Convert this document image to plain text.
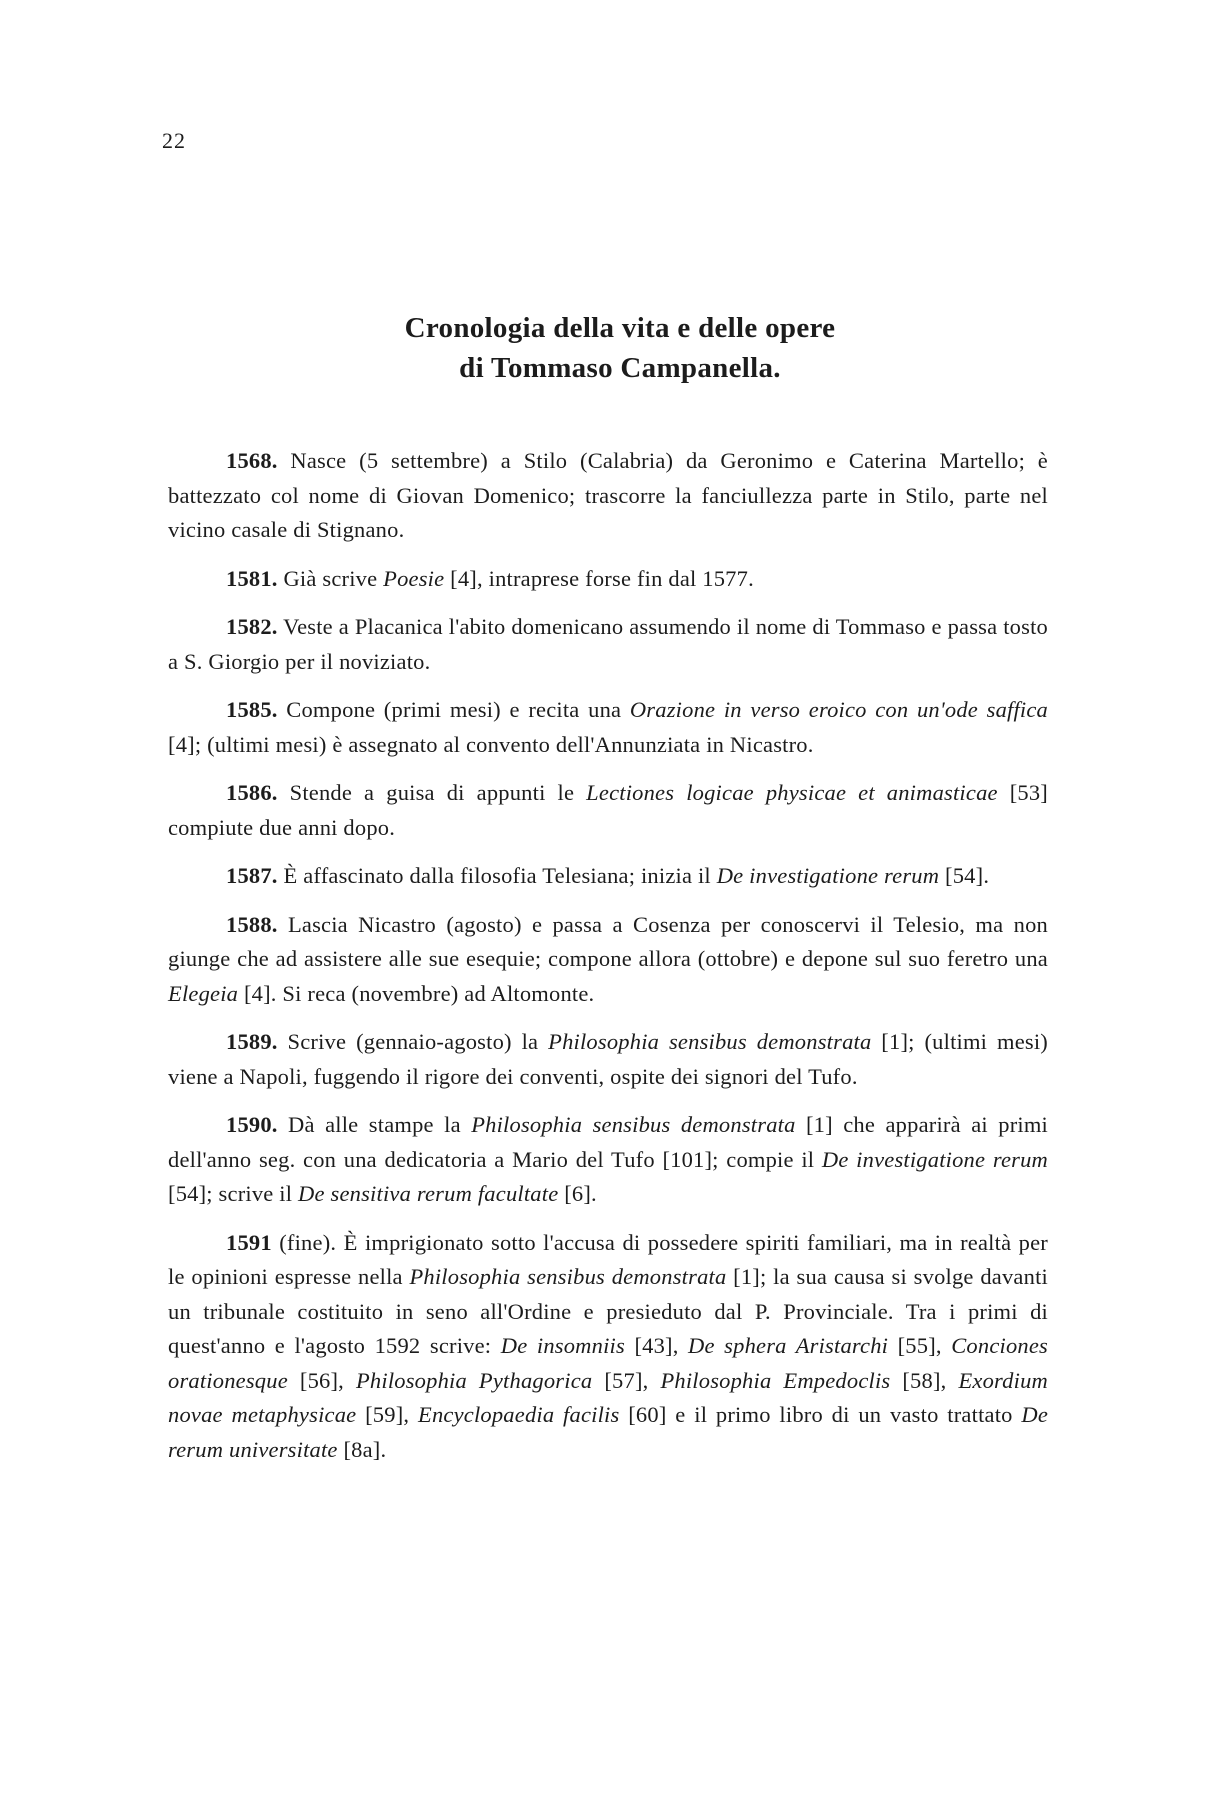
22
Cronologia della vita e delle opere
di Tommaso Campanella.

1568. Nasce (5 settembre) a Stilo (Calabria) da Geronimo e Caterina Martello; è battezzato col nome di Giovan Domenico; trascorre la fanciullezza parte in Stilo, parte nel vicino casale di Stignano.

1581. Già scrive Poesie [4], intraprese forse fin dal 1577.

1582. Veste a Placanica l'abito domenicano assumendo il nome di Tommaso e passa tosto a S. Giorgio per il noviziato.

1585. Compone (primi mesi) e recita una Orazione in verso eroico con un'ode saffica [4]; (ultimi mesi) è assegnato al convento dell'Annunziata in Nicastro.

1586. Stende a guisa di appunti le Lectiones logicae physicae et animasticae [53] compiute due anni dopo.

1587. È affascinato dalla filosofia Telesiana; inizia il De investigatione rerum [54].

1588. Lascia Nicastro (agosto) e passa a Cosenza per conoscervi il Telesio, ma non giunge che ad assistere alle sue esequie; compone allora (ottobre) e depone sul suo feretro una Elegeia [4]. Si reca (novembre) ad Altomonte.

1589. Scrive (gennaio-agosto) la Philosophia sensibus demonstrata [1]; (ultimi mesi) viene a Napoli, fuggendo il rigore dei conventi, ospite dei signori del Tufo.

1590. Dà alle stampe la Philosophia sensibus demonstrata [1] che apparirà ai primi dell'anno seg. con una dedicatoria a Mario del Tufo [101]; compie il De investigatione rerum [54]; scrive il De sensitiva rerum facultate [6].

1591 (fine). È imprigionato sotto l'accusa di possedere spiriti familiari, ma in realtà per le opinioni espresse nella Philosophia sensibus demonstrata [1]; la sua causa si svolge davanti un tribunale costituito in seno all'Ordine e presieduto dal P. Provinciale. Tra i primi di quest'anno e l'agosto 1592 scrive: De insomniis [43], De sphera Aristarchi [55], Conciones orationesque [56], Philosophia Pythagorica [57], Philosophia Empedoclis [58], Exordium novae metaphysicae [59], Encyclopaedia facilis [60] e il primo libro di un vasto trattato De rerum universitate [8a].
